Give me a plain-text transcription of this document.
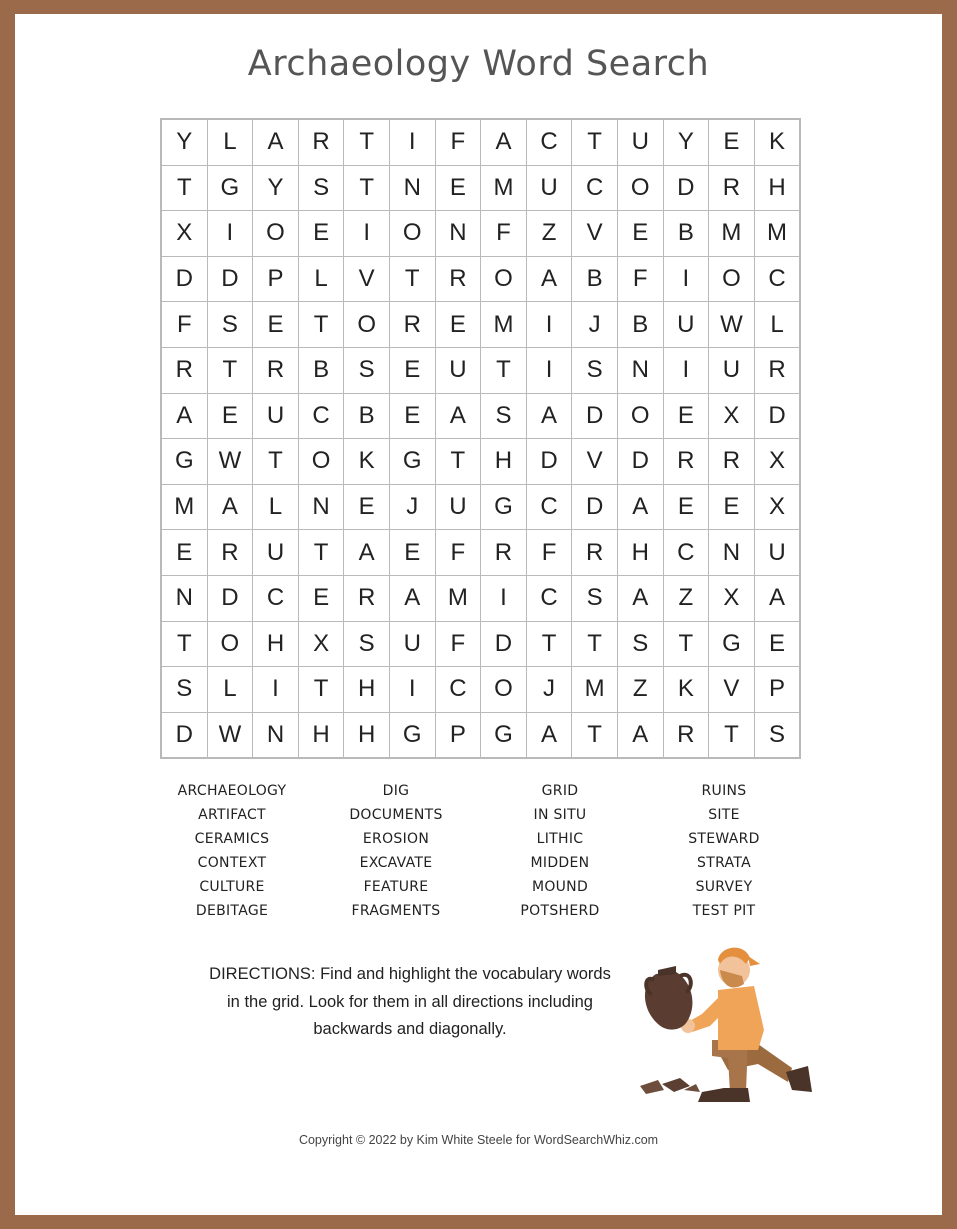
Archaeology Word Search
Y	L	A	R	T	I	F	A	C	T	U	Y	E	K
T	G	Y	S	T	N	E	M	U	C	O	D	R	H
X	I	O	E	I	O	N	F	Z	V	E	B	M	M
D	D	P	L	V	T	R	O	A	B	F	I	O	C
F	S	E	T	O	R	E	M	I	J	B	U	W	L
R	T	R	B	S	E	U	T	I	S	N	I	U	R
A	E	U	C	B	E	A	S	A	D	O	E	X	D
G	W	T	O	K	G	T	H	D	V	D	R	R	X
M	A	L	N	E	J	U	G	C	D	A	E	E	X
E	R	U	T	A	E	F	R	F	R	H	C	N	U
N	D	C	E	R	A	M	I	C	S	A	Z	X	A
T	O	H	X	S	U	F	D	T	T	S	T	G	E
S	L	I	T	H	I	C	O	J	M	Z	K	V	P
D	W	N	H	H	G	P	G	A	T	A	R	T	S
ARCHAEOLOGY	DIG	GRID	RUINS
ARTIFACT	DOCUMENTS	IN SITU	SITE
CERAMICS	EROSION	LITHIC	STEWARD
CONTEXT	EXCAVATE	MIDDEN	STRATA
CULTURE	FEATURE	MOUND	SURVEY
DEBITAGE	FRAGMENTS	POTSHERD	TEST PIT
DIRECTIONS: Find and highlight the vocabulary words
in the grid. Look for them in all directions including
backwards and diagonally.
Copyright © 2022 by Kim White Steele for WordSearchWhiz.com
